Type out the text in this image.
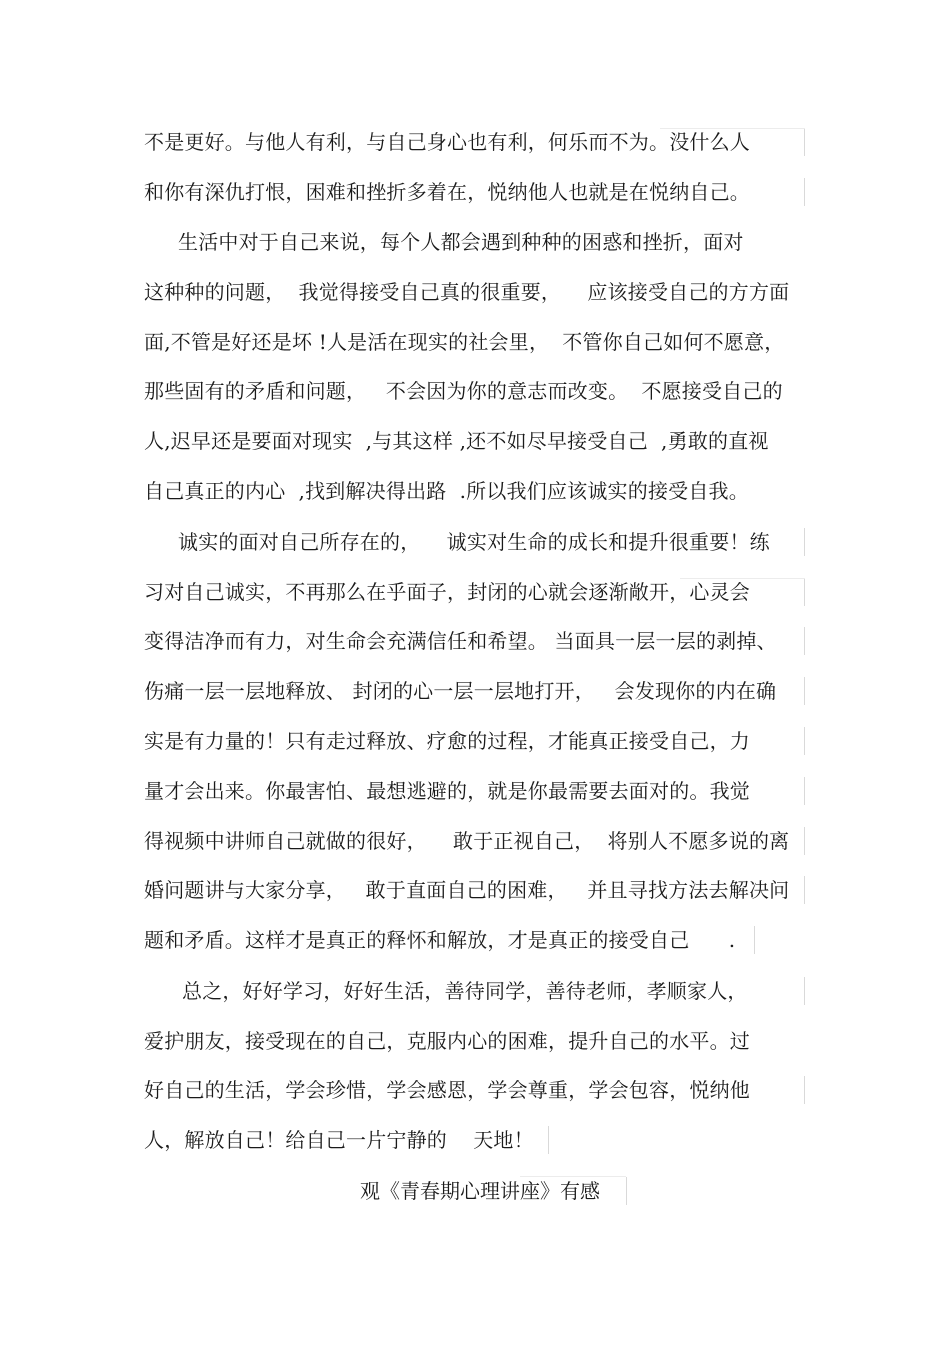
不是更好。与他人有利，与自己身心也有利，何乐而不为。没什么人
和你有深仇打恨，困难和挫折多着在，悦纳他人也就是在悦纳自己。
生活中对于自己来说，每个人都会遇到种种的困惑和挫折，面对
这种种的问题，  我觉得接受自己真的很重要，    应该接受自己的方方面
面,不管是好还是坏 !人是活在现实的社会里，  不管你自己如何不愿意，
那些固有的矛盾和问题，   不会因为你的意志而改变。  不愿接受自己的
人,迟早还是要面对现实  ,与其这样 ,还不如尽早接受自己  ,勇敢的直视
自己真正的内心  ,找到解决得出路  .所以我们应该诚实的接受自我。
诚实的面对自己所存在的，    诚实对生命的成长和提升很重要！练
习对自己诚实，不再那么在乎面子，封闭的心就会逐渐敞开，心灵会
变得洁净而有力，对生命会充满信任和希望。 当面具一层一层的剥掉、
伤痛一层一层地释放、 封闭的心一层一层地打开，   会发现你的内在确
实是有力量的！只有走过释放、疗愈的过程，才能真正接受自己，力
量才会出来。你最害怕、最想逃避的，就是你最需要去面对的。我觉
得视频中讲师自己就做的很好，    敢于正视自己，  将别人不愿多说的离
婚问题讲与大家分享，   敢于直面自己的困难，   并且寻找方法去解决问
题和矛盾。这样才是真正的释怀和解放，才是真正的接受自己      .
总之，好好学习，好好生活，善待同学，善待老师，孝顺家人，
爱护朋友，接受现在的自己，克服内心的困难，提升自己的水平。过
好自己的生活，学会珍惜，学会感恩，学会尊重，学会包容，悦纳他
人，解放自己！给自己一片宁静的    天地！
观《青春期心理讲座》有感
